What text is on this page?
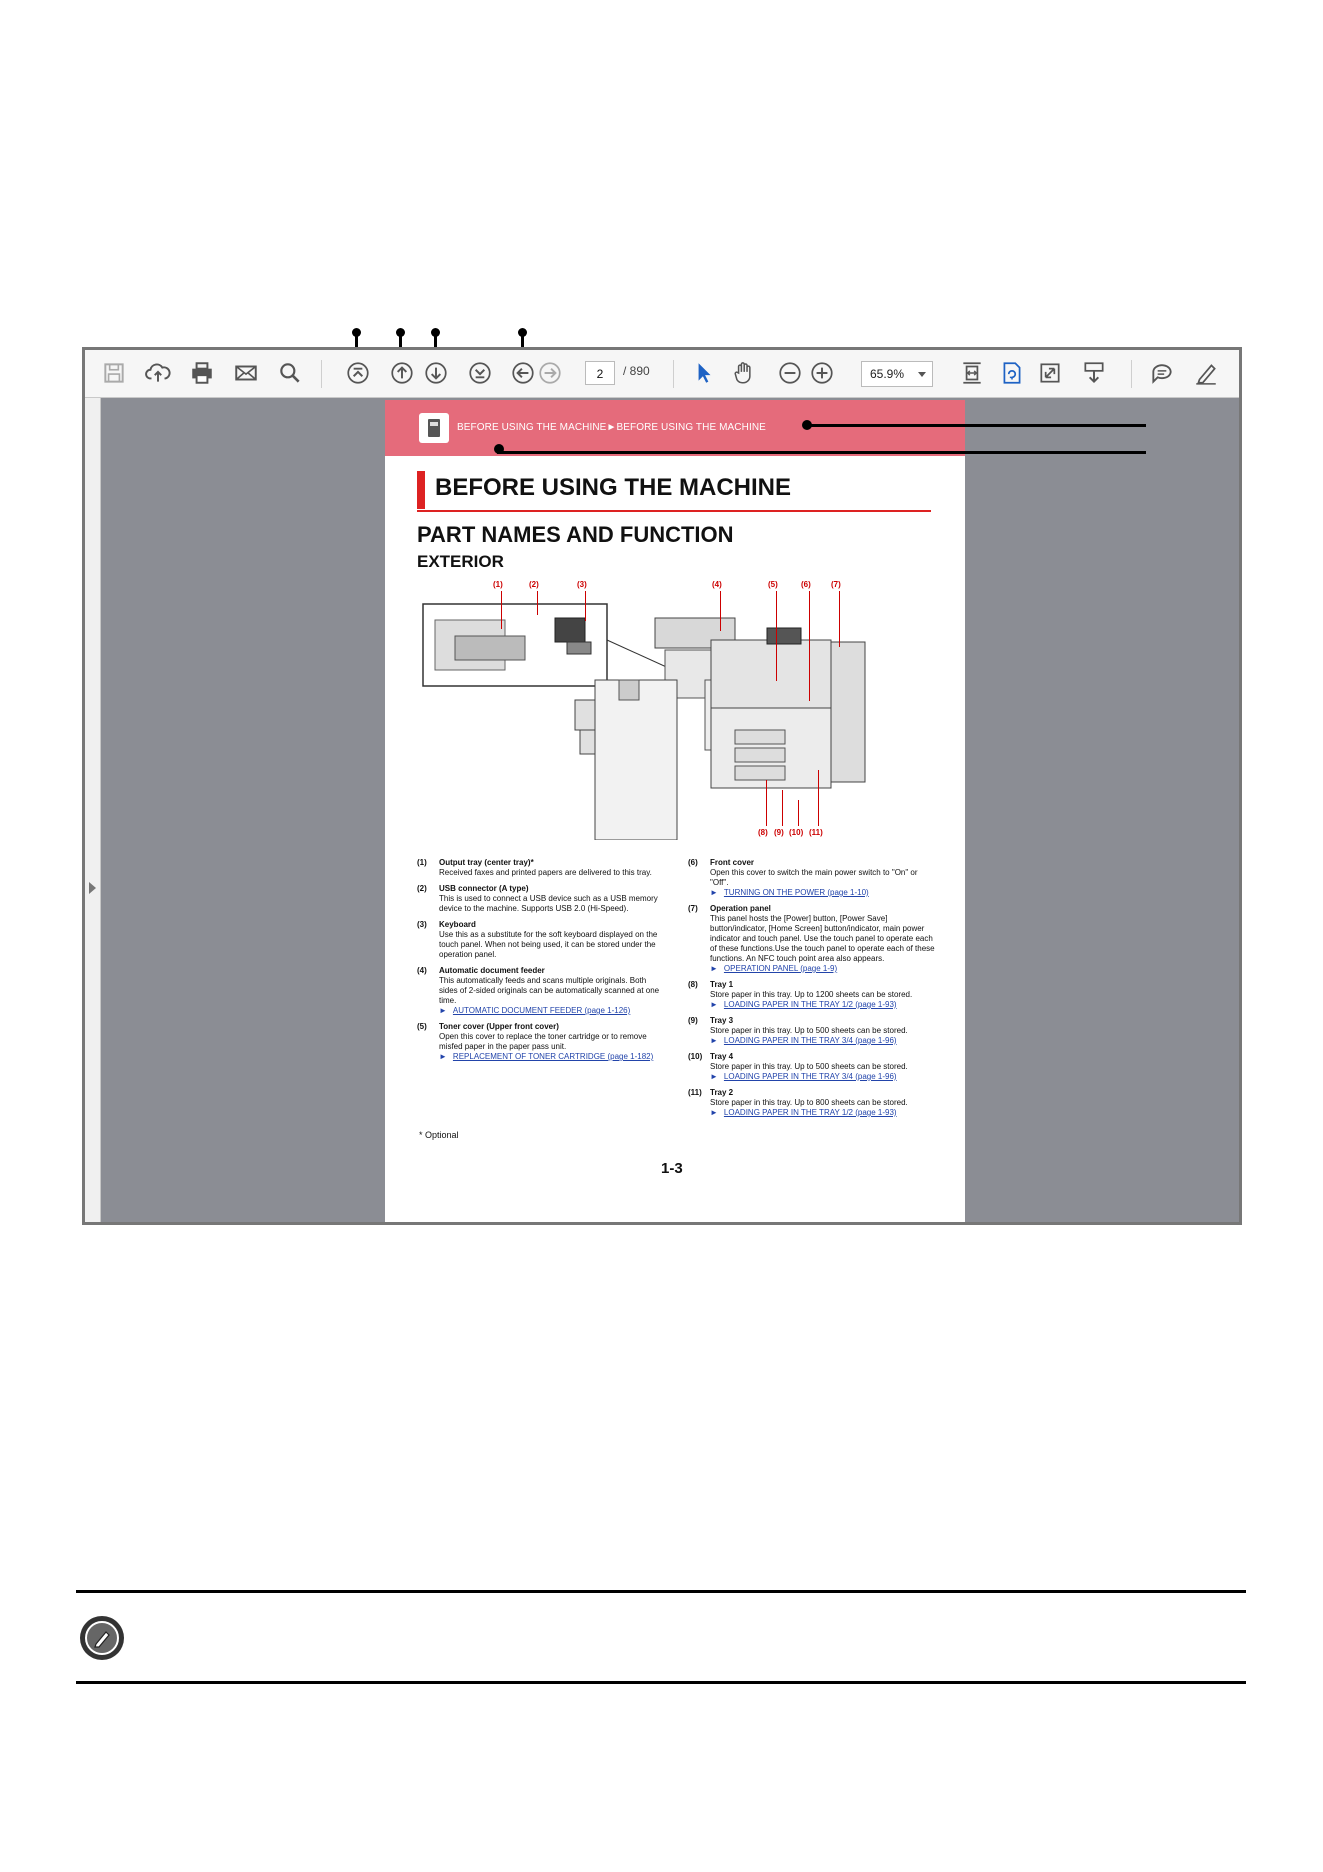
2	/ 890	65.9%
BEFORE USING THE MACHINE►BEFORE USING THE MACHINE
BEFORE USING THE MACHINE
PART NAMES AND FUNCTION
EXTERIOR
(1)	(2)	(3)	(4)	(5)	(6)	(7)
(8) (9) (10) (11)
(1)	Output tray (center tray)*
Received faxes and printed papers are delivered to this tray.
(2)	USB connector (A type)
This is used to connect a USB device such as a USB memory device to the machine. Supports USB 2.0 (Hi-Speed).
(3)	Keyboard
Use this as a substitute for the soft keyboard displayed on the touch panel. When not being used, it can be stored under the operation panel.
(4)	Automatic document feeder
This automatically feeds and scans multiple originals. Both sides of 2-sided originals can be automatically scanned at one time.
► AUTOMATIC DOCUMENT FEEDER (page 1-126)
(5)	Toner cover (Upper front cover)
Open this cover to replace the toner cartridge or to remove misfed paper in the paper pass unit.
► REPLACEMENT OF TONER CARTRIDGE (page 1-182)
(6)	Front cover
Open this cover to switch the main power switch to "On" or "Off".
► TURNING ON THE POWER (page 1-10)
(7)	Operation panel
This panel hosts the [Power] button, [Power Save] button/indicator, [Home Screen] button/indicator, main power indicator and touch panel. Use the touch panel to operate each of these functions.Use the touch panel to operate each of these functions. An NFC touch point area also appears.
► OPERATION PANEL (page 1-9)
(8)	Tray 1
Store paper in this tray. Up to 1200 sheets can be stored.
► LOADING PAPER IN THE TRAY 1/2 (page 1-93)
(9)	Tray 3
Store paper in this tray. Up to 500 sheets can be stored.
► LOADING PAPER IN THE TRAY 3/4 (page 1-96)
(10) Tray 4
Store paper in this tray. Up to 500 sheets can be stored.
► LOADING PAPER IN THE TRAY 3/4 (page 1-96)
(11)	Tray 2
Store paper in this tray. Up to 800 sheets can be stored.
► LOADING PAPER IN THE TRAY 1/2 (page 1-93)
* Optional
1-3
